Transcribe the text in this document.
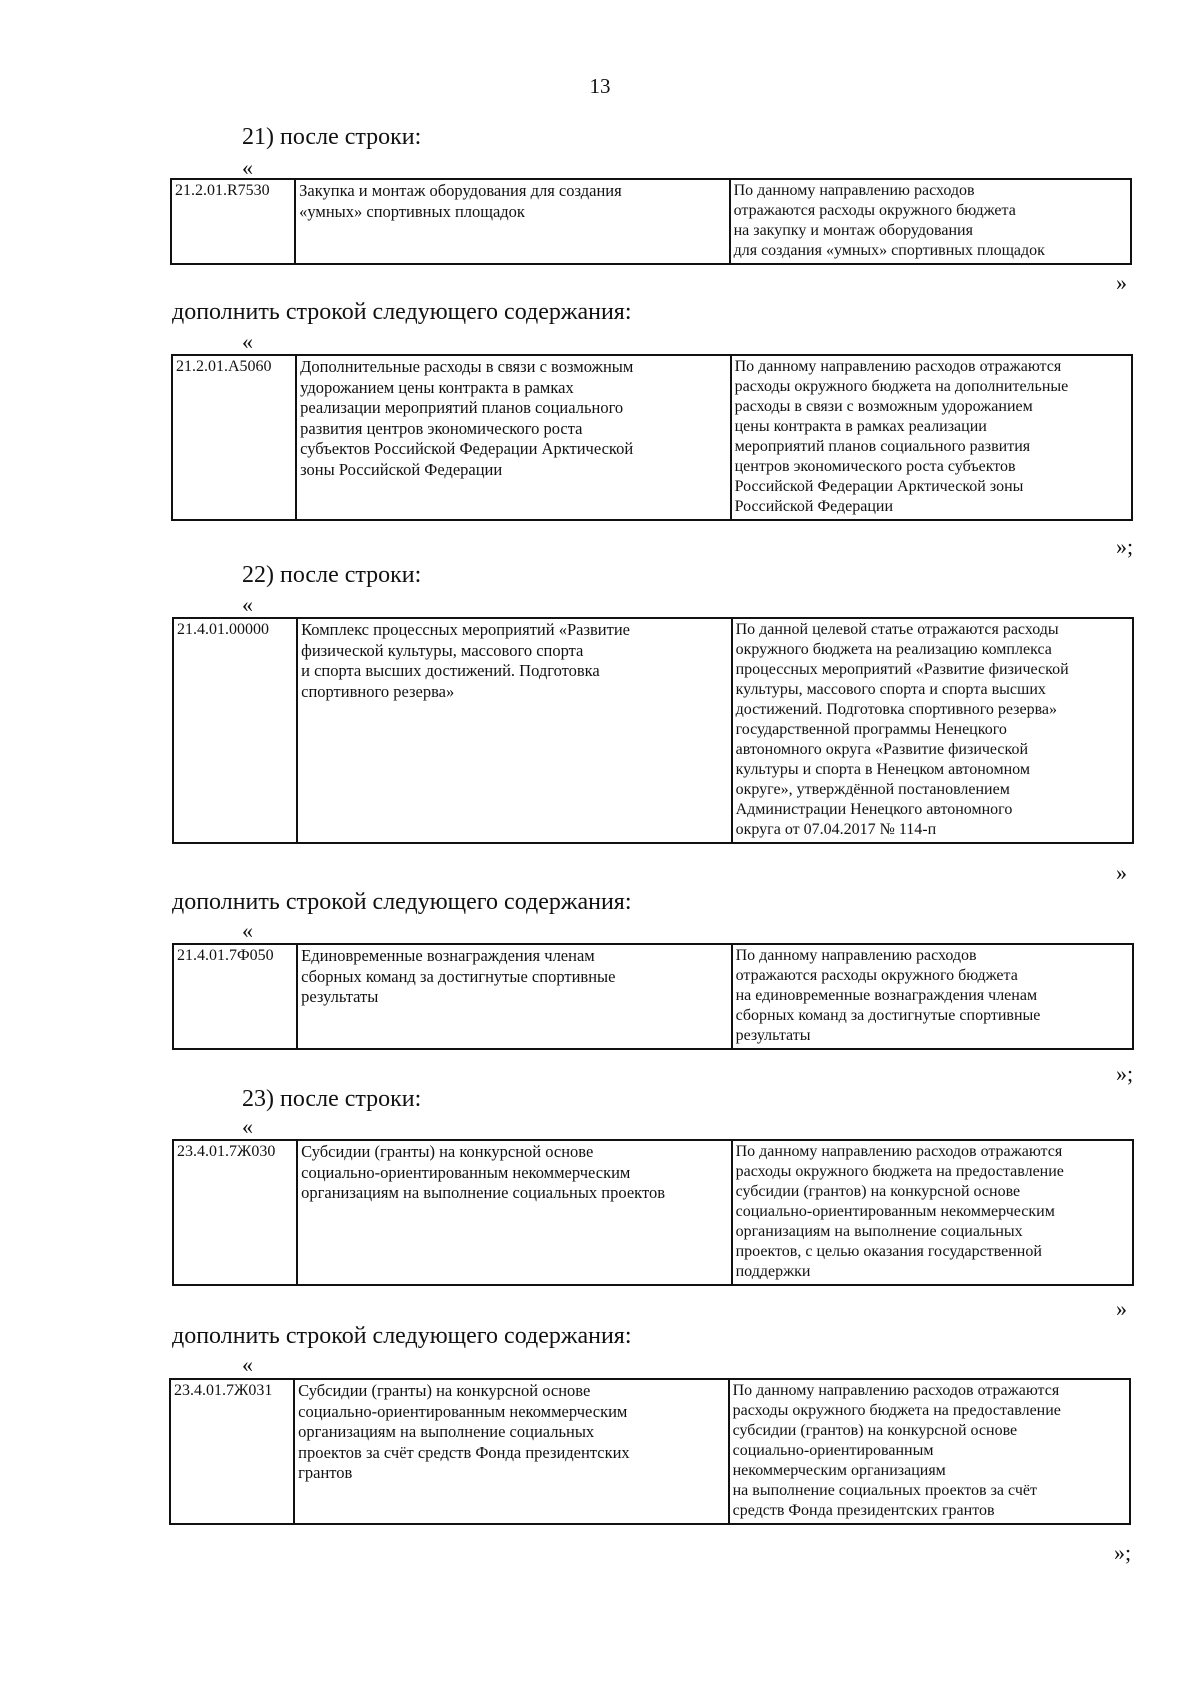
13
21) после строки:
«
21.2.01.R7530	Закупка и монтаж оборудования для создания
«умных» спортивных площадок	По данному направлению расходов
отражаются расходы окружного бюджета
на закупку и монтаж оборудования
для создания «умных» спортивных площадок
»
дополнить строкой следующего содержания:
«
21.2.01.А5060	Дополнительные расходы в связи с возможным
удорожанием цены контракта в рамках
реализации мероприятий планов социального
развития центров экономического роста
субъектов Российской Федерации Арктической
зоны Российской Федерации	По данному направлению расходов отражаются
расходы окружного бюджета на дополнительные
расходы в связи с возможным удорожанием
цены контракта в рамках реализации
мероприятий планов социального развития
центров экономического роста субъектов
Российской Федерации Арктической зоны
Российской Федерации
»;
22) после строки:
«
21.4.01.00000	Комплекс процессных мероприятий «Развитие
физической культуры, массового спорта
и спорта высших достижений. Подготовка
спортивного резерва»	По данной целевой статье отражаются расходы
окружного бюджета на реализацию комплекса
процессных мероприятий «Развитие физической
культуры, массового спорта и спорта высших
достижений. Подготовка спортивного резерва»
государственной программы Ненецкого
автономного округа «Развитие физической
культуры и спорта в Ненецком автономном
округе», утверждённой постановлением
Администрации Ненецкого автономного
округа от 07.04.2017 № 114-п
»
дополнить строкой следующего содержания:
«
21.4.01.7Ф050	Единовременные вознаграждения членам
сборных команд за достигнутые спортивные
результаты	По данному направлению расходов
отражаются расходы окружного бюджета
на единовременные вознаграждения членам
сборных команд за достигнутые спортивные
результаты
»;
23) после строки:
«
23.4.01.7Ж030	Субсидии (гранты) на конкурсной основе
социально-ориентированным некоммерческим
организациям на выполнение социальных проектов	По данному направлению расходов отражаются
расходы окружного бюджета на предоставление
субсидии (грантов) на конкурсной основе
социально-ориентированным некоммерческим
организациям на выполнение социальных
проектов, с целью оказания государственной
поддержки
»
дополнить строкой следующего содержания:
«
23.4.01.7Ж031	Субсидии (гранты) на конкурсной основе
социально-ориентированным некоммерческим
организациям на выполнение социальных
проектов за счёт средств Фонда президентских
грантов	По данному направлению расходов отражаются
расходы окружного бюджета на предоставление
субсидии (грантов) на конкурсной основе
социально-ориентированным
некоммерческим организациям
на выполнение социальных проектов за счёт
средств Фонда президентских грантов
»;
